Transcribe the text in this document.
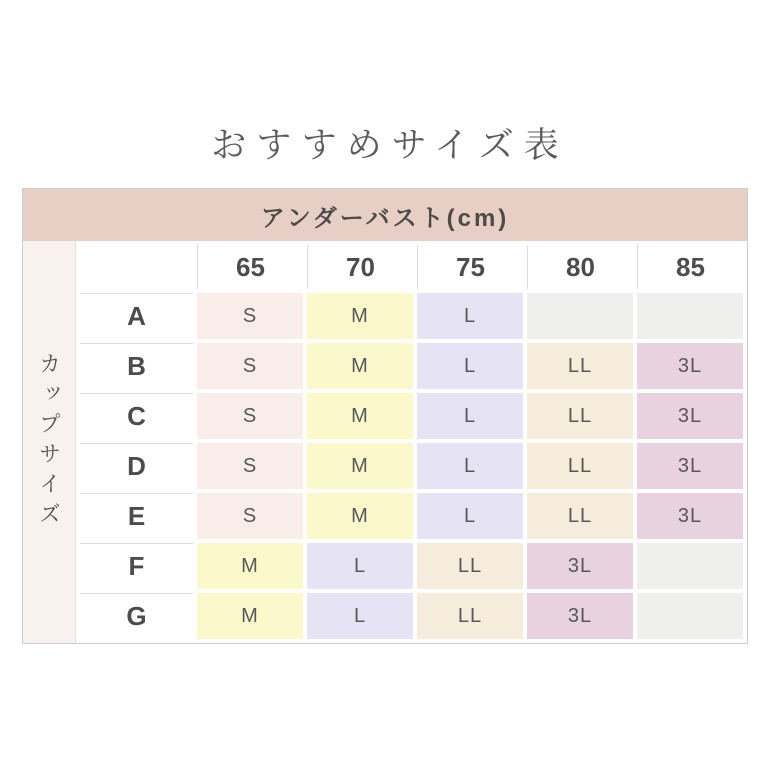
おすすめサイズ表
アンダーバスト(cm)
カップサイズ
	65	70	75	80	85
A	S	M	L		
B	S	M	L	LL	3L
C	S	M	L	LL	3L
D	S	M	L	LL	3L
E	S	M	L	LL	3L
F	M	L	LL	3L	
G	M	L	LL	3L	
